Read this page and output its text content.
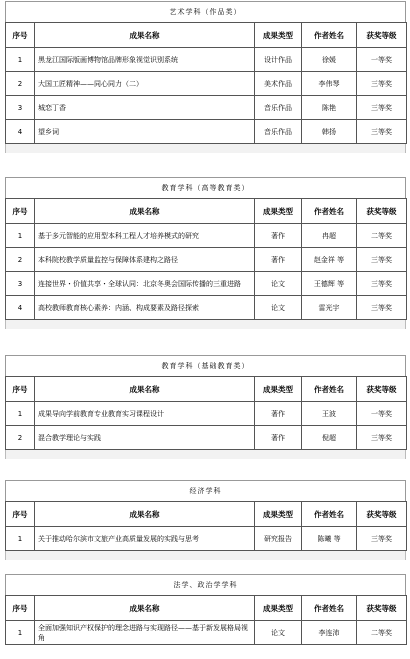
艺术学科（作品类）
序号	成果名称	成果类型	作者姓名	获奖等级
1	黑龙江国际版画博物馆品牌形象视觉识别系统	设计作品	徐媛	一等奖
2	大国工匠精神——同心同力（二）	美术作品	李伟琴	三等奖
3	城恋丁香	音乐作品	陈艳	三等奖
4	望乡词	音乐作品	韩扬	三等奖
教育学科（高等教育类）
序号	成果名称	成果类型	作者姓名	获奖等级
1	基于多元智能的应用型本科工程人才培养模式的研究	著作	冉超	二等奖
2	本科院校教学质量监控与保障体系建构之路径	著作	赵金祥 等	三等奖
3	连接世界・价值共享・全球认同：北京冬奥会国际传播的三重进路	论文	王德辉 等	三等奖
4	高校教师教育核心素养：内涵、构成要素及路径探索	论文	雷光宇	三等奖
教育学科（基础教育类）
序号	成果名称	成果类型	作者姓名	获奖等级
1	成果导向学前教育专业教育实习课程设计	著作	王波	一等奖
2	混合教学理论与实践	著作	倪超	三等奖
经济学科
序号	成果名称	成果类型	作者姓名	获奖等级
1	关于推动哈尔滨市文旅产业高质量发展的实践与思考	研究报告	陈曦 等	三等奖
法学、政治学学科
序号	成果名称	成果类型	作者姓名	获奖等级
1	全面加强知识产权保护的理念进路与实现路径——基于新发展格局视角	论文	李连沛	二等奖
